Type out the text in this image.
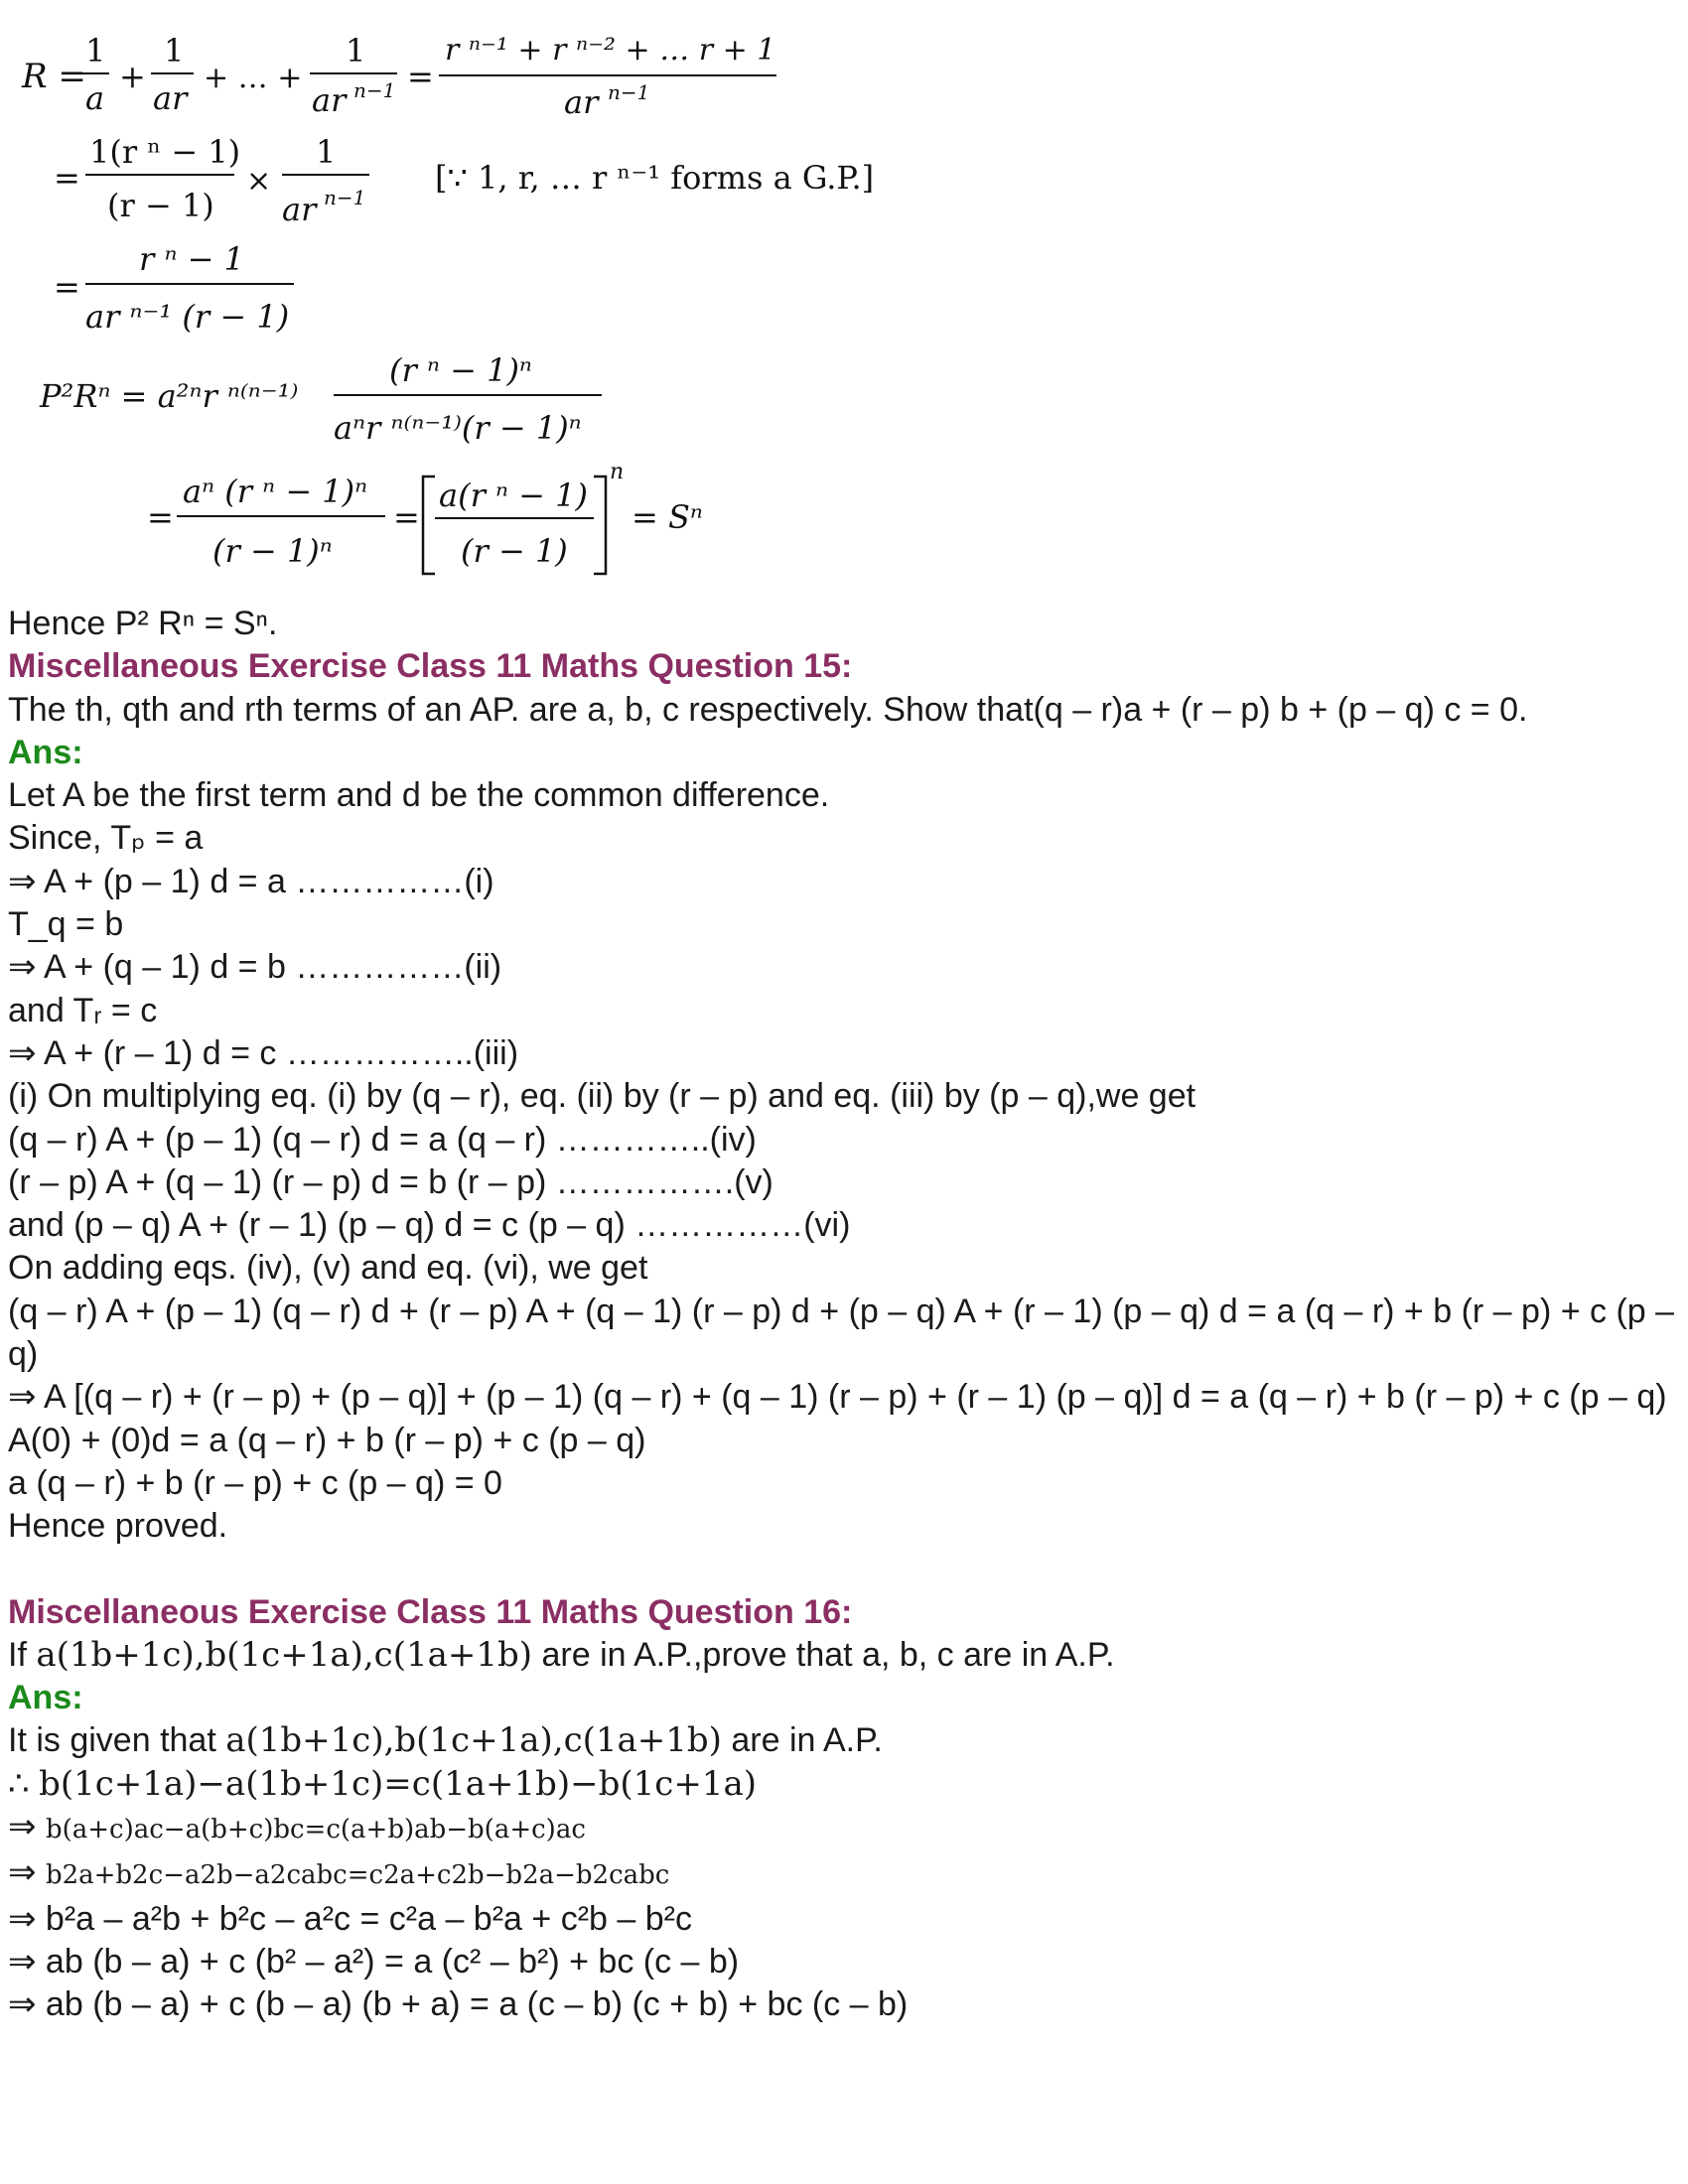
R =
1
a
+
1
ar
+ … +
1
ar n−1 =
r ⁿ⁻¹ + r ⁿ⁻² + … r + 1
ar n−1
=
1(r ⁿ − 1)
(r − 1)
×
1
ar n−1
[∵ 1, r, … r ⁿ⁻¹ forms a G.P.]
=
r ⁿ − 1
ar ⁿ⁻¹ (r − 1)
P²Rⁿ = a²ⁿr ⁿ⁽ⁿ⁻¹⁾
(r ⁿ − 1)ⁿ
aⁿr ⁿ⁽ⁿ⁻¹⁾(r − 1)ⁿ
=
aⁿ (r ⁿ − 1)ⁿ
(r − 1)ⁿ
=
a(r ⁿ − 1)
(r − 1)
n
= Sⁿ
Hence P² Rⁿ = Sⁿ.
Miscellaneous Exercise Class 11 Maths Question 15:
The th, qth and rth terms of an AP. are a, b, c respectively. Show that(q – r)a + (r – p) b + (p – q) c = 0.
Ans:
Let A be the first term and d be the common difference.
Since, Tₚ = a
⇒ A + (p – 1) d = a ……………(i)
T_q = b
⇒ A + (q – 1) d = b ……………(ii)
and Tᵣ = c
⇒ A + (r – 1) d = c ……………..(iii)
(i) On multiplying eq. (i) by (q – r), eq. (ii) by (r – p) and eq. (iii) by (p – q),we get
(q – r) A + (p – 1) (q – r) d = a (q – r) …………..(iv)
(r – p) A + (q – 1) (r – p) d = b (r – p) …………….(v)
and (p – q) A + (r – 1) (p – q) d = c (p – q) ……………(vi)
On adding eqs. (iv), (v) and eq. (vi), we get
(q – r) A + (p – 1) (q – r) d + (r – p) A + (q – 1) (r – p) d + (p – q) A + (r – 1) (p – q) d = a (q – r) + b (r – p) + c (p – q)
⇒ A [(q – r) + (r – p) + (p – q)] + (p – 1) (q – r) + (q – 1) (r – p) + (r – 1) (p – q)] d = a (q – r) + b (r – p) + c (p – q)
A(0) + (0)d = a (q – r) + b (r – p) + c (p – q)
a (q – r) + b (r – p) + c (p – q) = 0
Hence proved.
Miscellaneous Exercise Class 11 Maths Question 16:
If a(1b+1c),b(1c+1a),c(1a+1b) are in A.P.,prove that a, b, c are in A.P.
Ans:
It is given that a(1b+1c),b(1c+1a),c(1a+1b) are in A.P.
∴ b(1c+1a)−a(1b+1c)=c(1a+1b)−b(1c+1a)
⇒ b(a+c)ac−a(b+c)bc=c(a+b)ab−b(a+c)ac
⇒ b2a+b2c−a2b−a2cabc=c2a+c2b−b2a−b2cabc
⇒ b²a – a²b + b²c – a²c = c²a – b²a + c²b – b²c
⇒ ab (b – a) + c (b² – a²) = a (c² – b²) + bc (c – b)
⇒ ab (b – a) + c (b – a) (b + a) = a (c – b) (c + b) + bc (c – b)
